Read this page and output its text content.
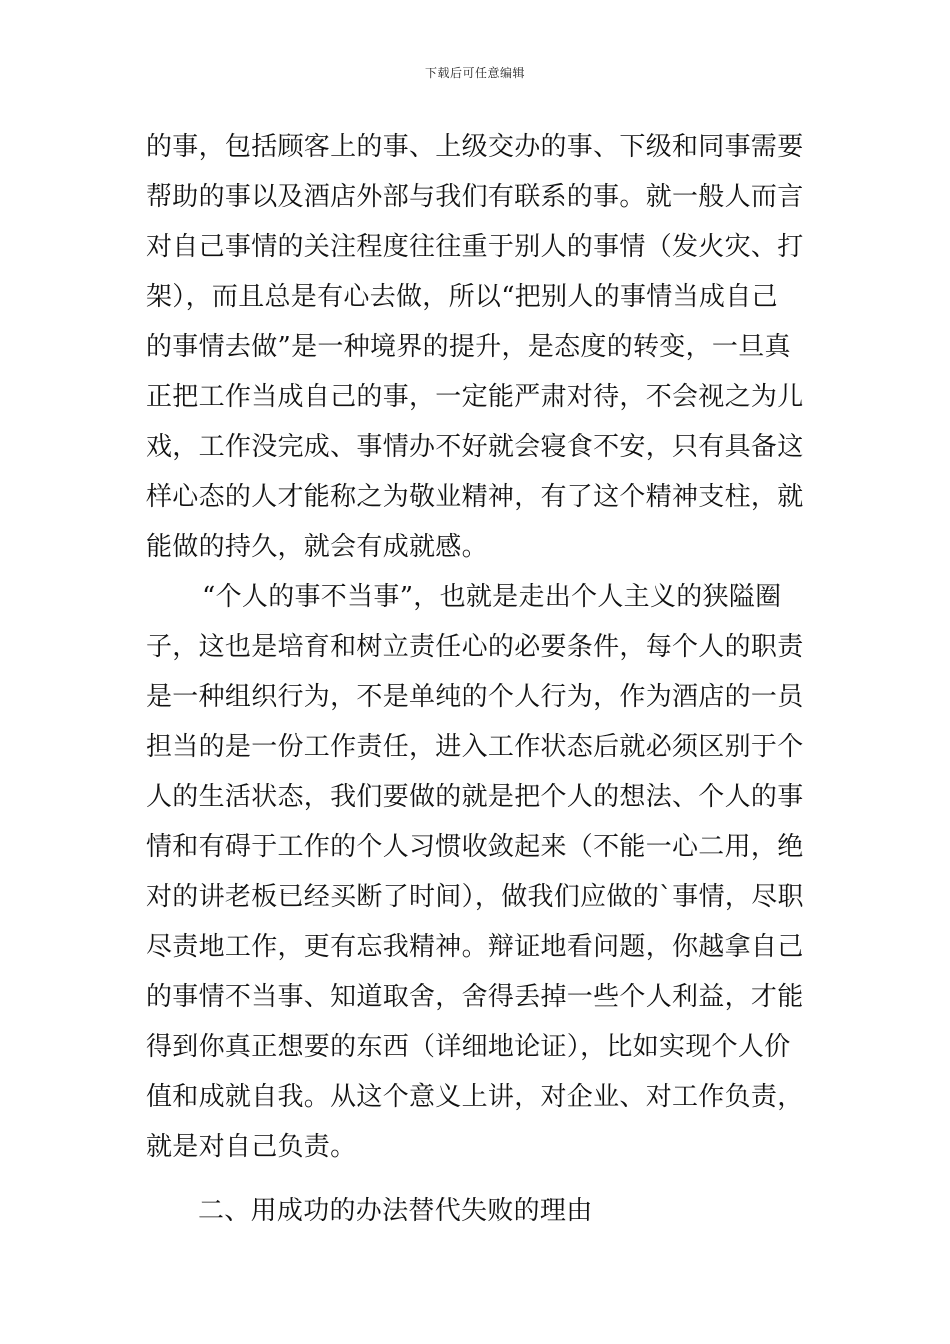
下载后可任意编辑
的事，包括顾客上的事、上级交办的事、下级和同事需要
帮助的事以及酒店外部与我们有联系的事。就一般人而言
对自己事情的关注程度往往重于别人的事情（发火灾、打
架），而且总是有心去做，所以“把别人的事情当成自己
的事情去做”是一种境界的提升，是态度的转变，一旦真
正把工作当成自己的事，一定能严肃对待，不会视之为儿
戏，工作没完成、事情办不好就会寝食不安，只有具备这
样心态的人才能称之为敬业精神，有了这个精神支柱，就
能做的持久，就会有成就感。
“个人的事不当事”，也就是走出个人主义的狭隘圈
子，这也是培育和树立责任心的必要条件，每个人的职责
是一种组织行为，不是单纯的个人行为，作为酒店的一员
担当的是一份工作责任，进入工作状态后就必须区别于个
人的生活状态，我们要做的就是把个人的想法、个人的事
情和有碍于工作的个人习惯收敛起来（不能一心二用，绝
对的讲老板已经买断了时间），做我们应做的`事情，尽职
尽责地工作，更有忘我精神。辩证地看问题，你越拿自己
的事情不当事、知道取舍，舍得丢掉一些个人利益，才能
得到你真正想要的东西（详细地论证），比如实现个人价
值和成就自我。从这个意义上讲，对企业、对工作负责，
就是对自己负责。
二、用成功的办法替代失败的理由
